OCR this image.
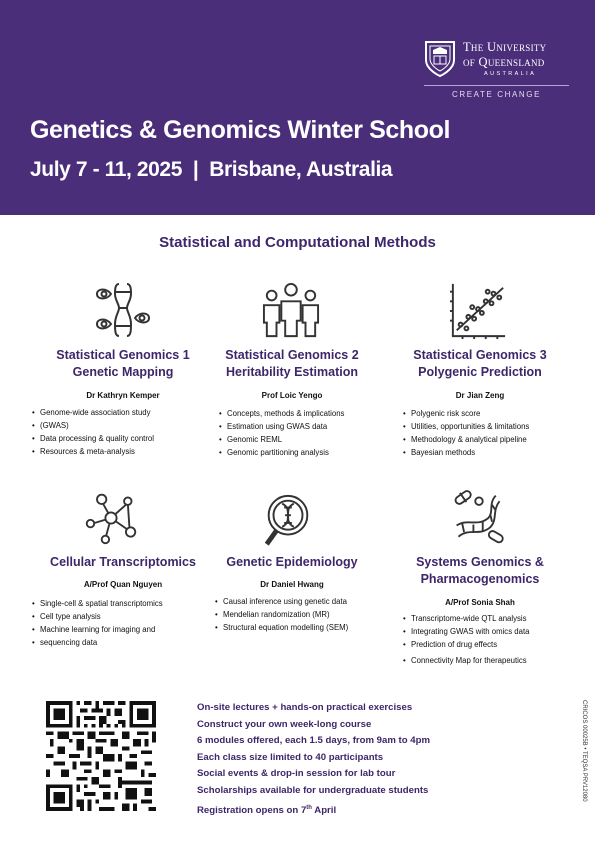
The University
of Queensland
AUSTRALIA
CREATE CHANGE
Genetics & Genomics Winter School
July 7 - 11, 2025  |  Brisbane, Australia
Statistical and Computational Methods
Statistical Genomics 1
Genetic Mapping
Dr Kathryn Kemper
• Genome-wide association study
• (GWAS)
• Data processing & quality control
• Resources & meta-analysis
Statistical Genomics 2
Heritability Estimation
Prof Loic Yengo
• Concepts, methods & implications
• Estimation using GWAS data
• Genomic REML
• Genomic partitioning analysis
Statistical Genomics 3
Polygenic Prediction
Dr Jian Zeng
• Polygenic risk score
• Utilities, opportunities & limitations
• Methodology & analytical pipeline
• Bayesian methods
Cellular Transcriptomics
A/Prof Quan Nguyen
• Single-cell & spatial transcriptomics
• Cell type analysis
• Machine learning for imaging and
• sequencing data
Genetic Epidemiology
Dr Daniel Hwang
• Causal inference using genetic data
• Mendelian randomization (MR)
• Structural equation modelling (SEM)
Systems Genomics &
Pharmacogenomics
A/Prof Sonia Shah
• Transcriptome-wide QTL analysis
• Integrating GWAS with omics data
• Prediction of drug effects
• Connectivity Map for therapeutics
On-site lectures + hands-on practical exercises
Construct your own week-long course
6 modules offered, each 1.5 days, from 9am to 4pm
Each class size limited to 40 participants
Social events & drop-in session for lab tour
Scholarships available for undergraduate students
Registration opens on 7th April
CRICOS 00025B • TEQSA PRV12080
